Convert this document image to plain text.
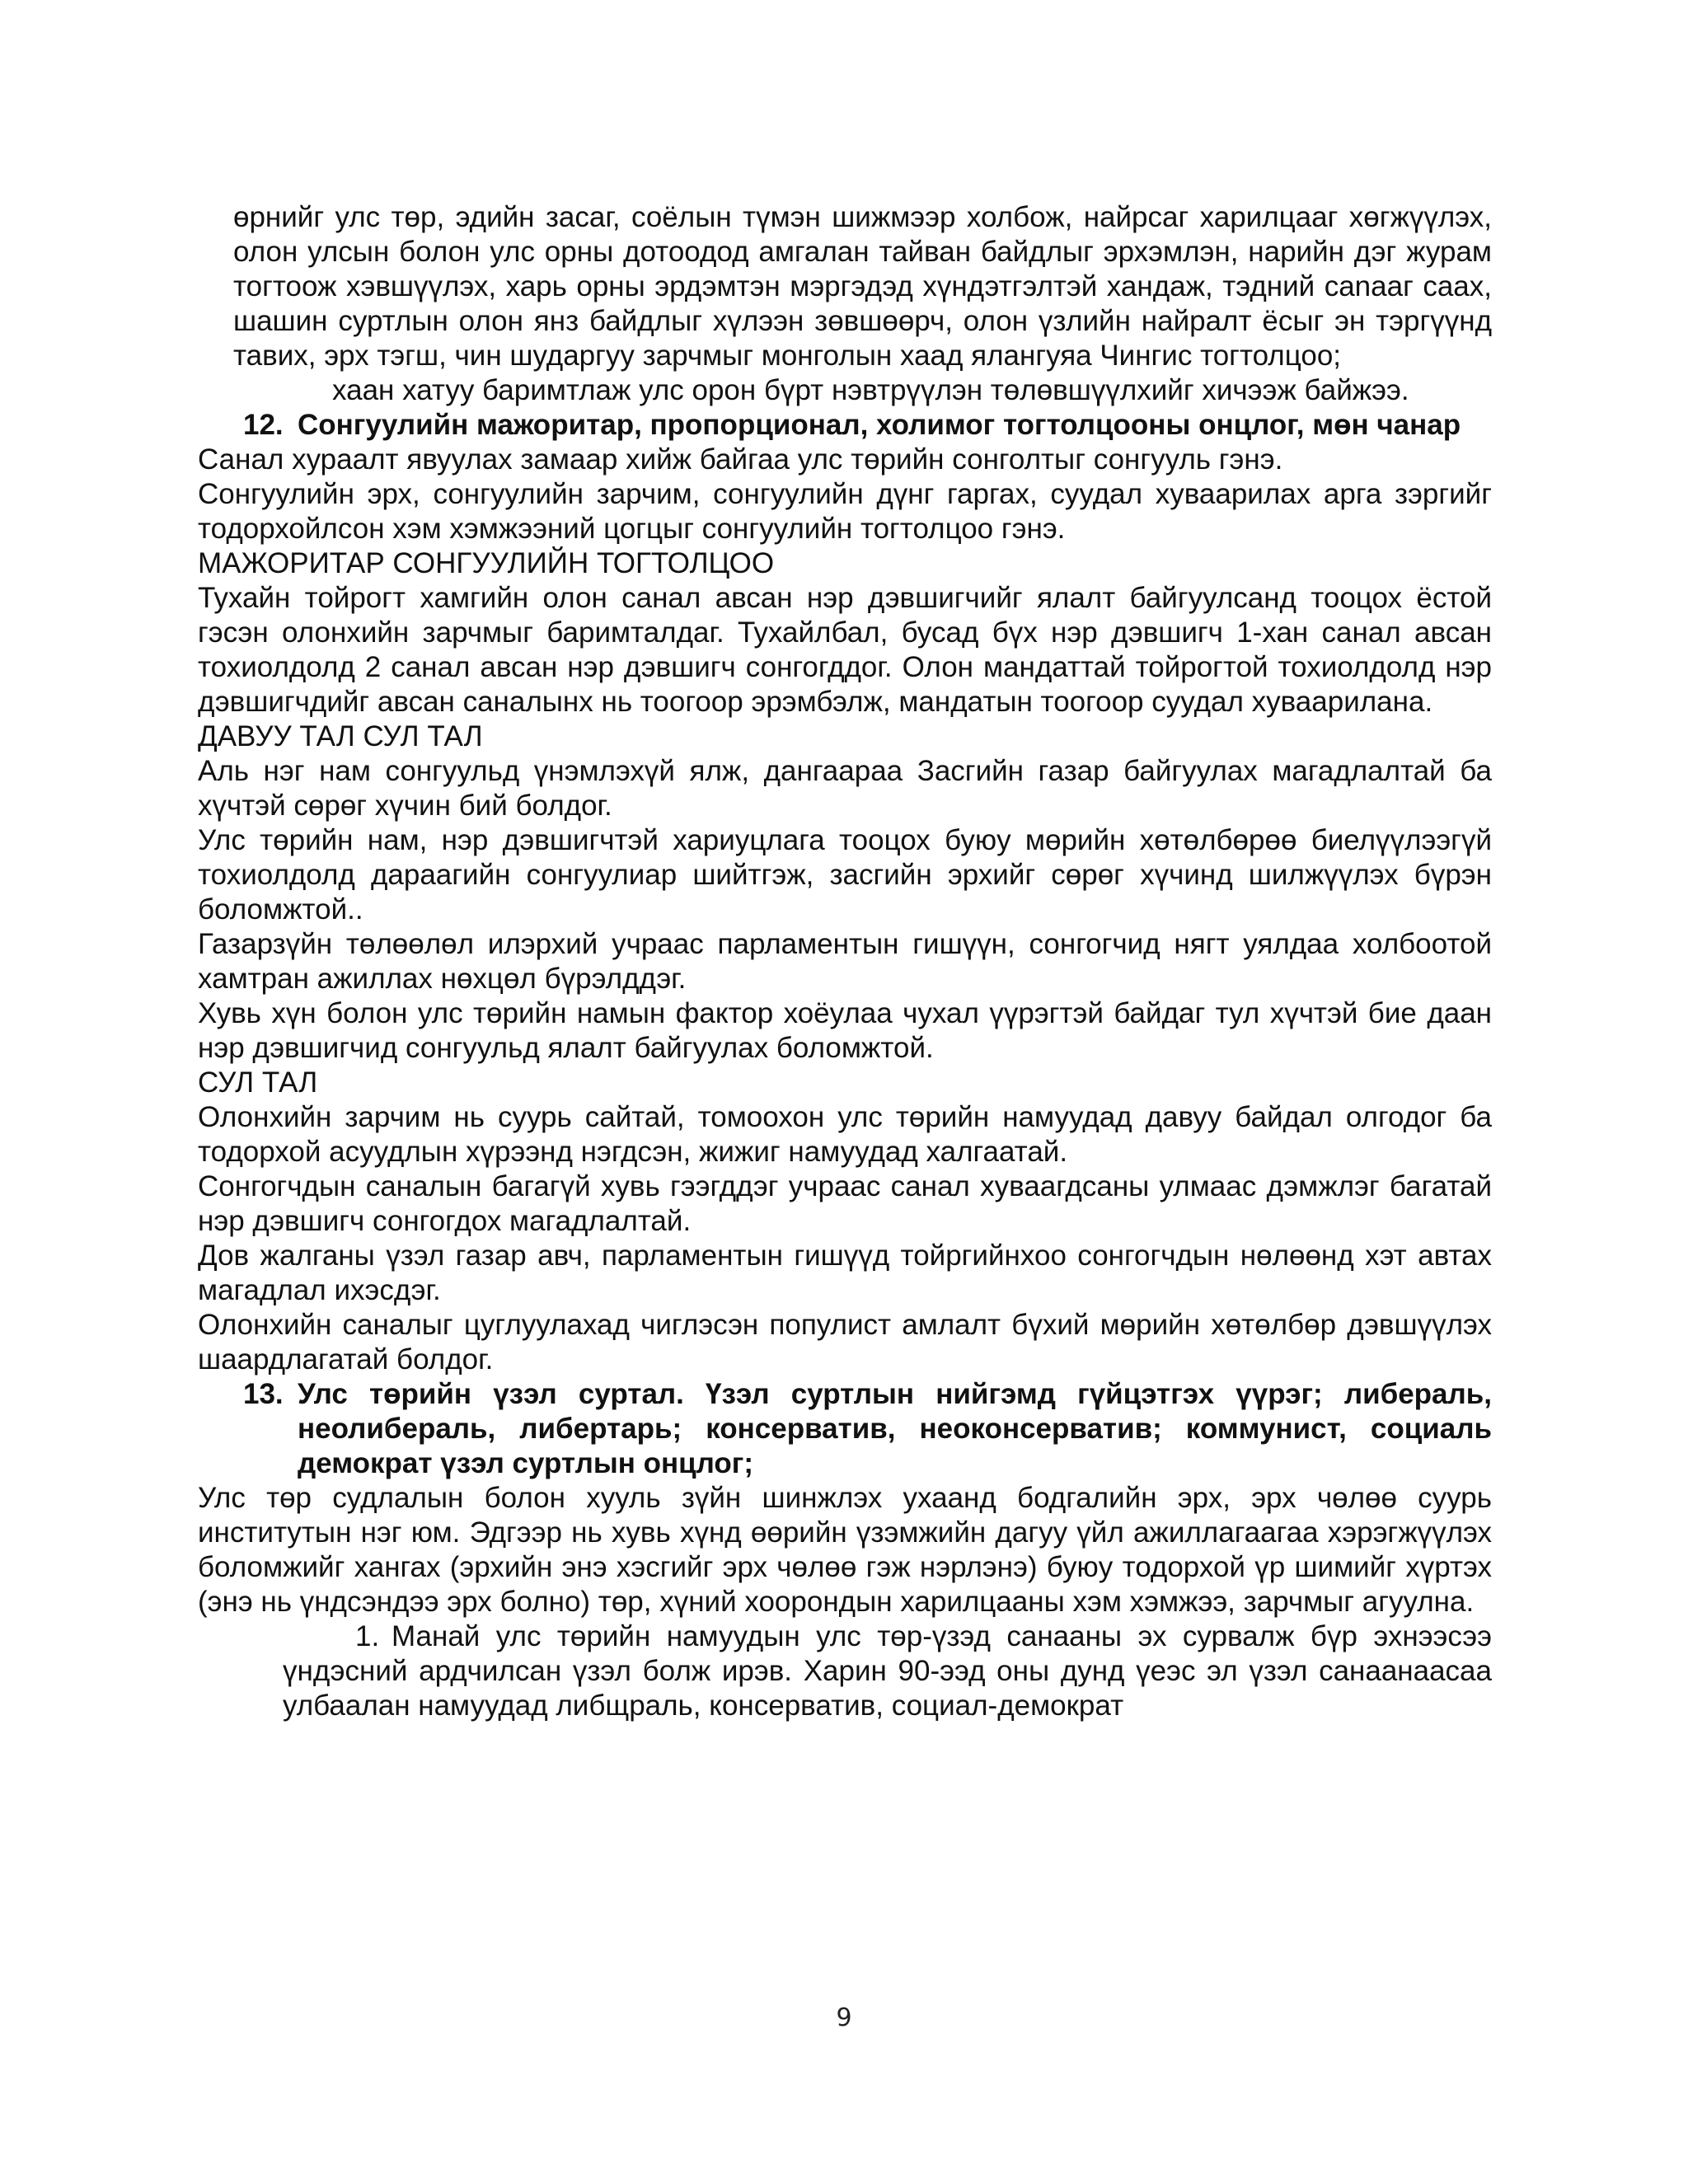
өрнийг улс төр, эдийн засаг, соёлын түмэн шижмээр холбож, найрсаг харилцааг хөгжүүлэх, олон улсын болон улс орны дотоодод амгалан тайван байдлыг эрхэмлэн, нарийн дэг журам тогтоож хэвшүүлэх, харь орны эрдэмтэн мэргэдэд хүндэтгэлтэй хандаж, тэдний сanaаг саах, шашин суртлын олон янз байдлыг хүлээн зөвшөөрч, олон үзлийн найралт ёсыг эн тэргүүнд тавих, эрх тэгш, чин шударгуу зарчмыг монголын хаад ялангуяа Чингис тогтолцоо;

хаан хатуу баримтлаж улс орон бүрт нэвтрүүлэн төлөвшүүлхийг хичээж байжээ.

12. Сонгуулийн мажоритар, пропорционал, холимог тогтолцооны онцлог, мөн чанар

Санал хураалт явуулах замаар хийж байгаа улс төрийн сонголтыг сонгууль гэнэ.

Сонгуулийн эрх, сонгуулийн зарчим, сонгуулийн дүнг гаргах, суудал хуваарилах арга зэргийг тодорхойлсон хэм хэмжээний цогцыг сонгуулийн тогтолцоо гэнэ.

МАЖОРИТАР СОНГУУЛИЙН ТОГТОЛЦОО

Тухайн тойрогт хамгийн олон санал авсан нэр дэвшигчийг ялалт байгуулсанд тооцох ёстой гэсэн олонхийн зарчмыг баримталдаг. Тухайлбал, бусад бүх нэр дэвшигч 1-хан санал авсан тохиолдолд 2 санал авсан нэр дэвшигч сонгогддог. Олон мандаттай тойрогтой тохиолдолд нэр дэвшигчдийг авсан саналынх нь тоогоор эрэмбэлж, мандатын тоогоор суудал хуваарилана.

ДАВУУ ТАЛ СУЛ ТАЛ

Аль нэг нам сонгуульд үнэмлэхүй ялж, дангаараа Засгийн газар байгуулах магадлалтай ба хүчтэй сөрөг хүчин бий болдог.

Улс төрийн нам, нэр дэвшигчтэй хариуцлага тооцох буюу мөрийн хөтөлбөрөө биелүүлээгүй тохиолдолд дараагийн сонгуулиар шийтгэж, засгийн эрхийг сөрөг хүчинд шилжүүлэх бүрэн боломжтой..

Газарзүйн төлөөлөл илэрхий учраас парламентын гишүүн, сонгогчид нягт уялдаа холбоотой хамтран ажиллах нөхцөл бүрэлддэг.

Хувь хүн болон улс төрийн намын фактор хоёулаа чухал үүрэгтэй байдаг тул хүчтэй бие даан нэр дэвшигчид сонгуульд ялалт байгуулах боломжтой.

СУЛ ТАЛ

Олонхийн зарчим нь суурь сайтай, томоохон улс төрийн намуудад давуу байдал олгодог ба тодорхой асуудлын хүрээнд нэгдсэн, жижиг намуудад халгаатай.

Сонгогчдын саналын багагүй хувь гээгддэг учраас санал хуваагдсаны улмаас дэмжлэг багатай нэр дэвшигч сонгогдох магадлалтай.

Дов жалганы үзэл газар авч, парламентын гишүүд тойргийнхоо сонгогчдын нөлөөнд хэт автах магадлал ихэсдэг.

Олонхийн саналыг цуглуулахад чиглэсэн популист амлалт бүхий мөрийн хөтөлбөр дэвшүүлэх шаардлагатай болдог.

13. Улс төрийн үзэл суртал. Үзэл суртлын нийгэмд гүйцэтгэх үүрэг; либераль, неолибераль, либертарь; консерватив, неоконсерватив; коммунист, социаль демократ үзэл суртлын онцлог;

Улс төр судлалын болон хууль зүйн шинжлэх ухаанд бодгалийн эрх, эрх чөлөө суурь институтын нэг юм. Эдгээр нь хувь хүнд өөрийн үзэмжийн дагуу үйл ажиллагаагаа хэрэгжүүлэх боломжийг хангах (эрхийн энэ хэсгийг эрх чөлөө гэж нэрлэнэ) буюу тодорхой үр шимийг хүртэх (энэ нь үндсэндээ эрх болно) төр, хүний хоорондын харилцааны хэм хэмжээ, зарчмыг агуулна.

1. Манай улс төрийн намуудын улс төр-үзэд санааны эх сурвалж бүр эхнээсээ үндэсний ардчилсан үзэл болж ирэв. Харин 90-ээд оны дунд үеэс эл үзэл санаанаасаа улбаалан намуудад либщраль, консерватив, социал-демократ
9
